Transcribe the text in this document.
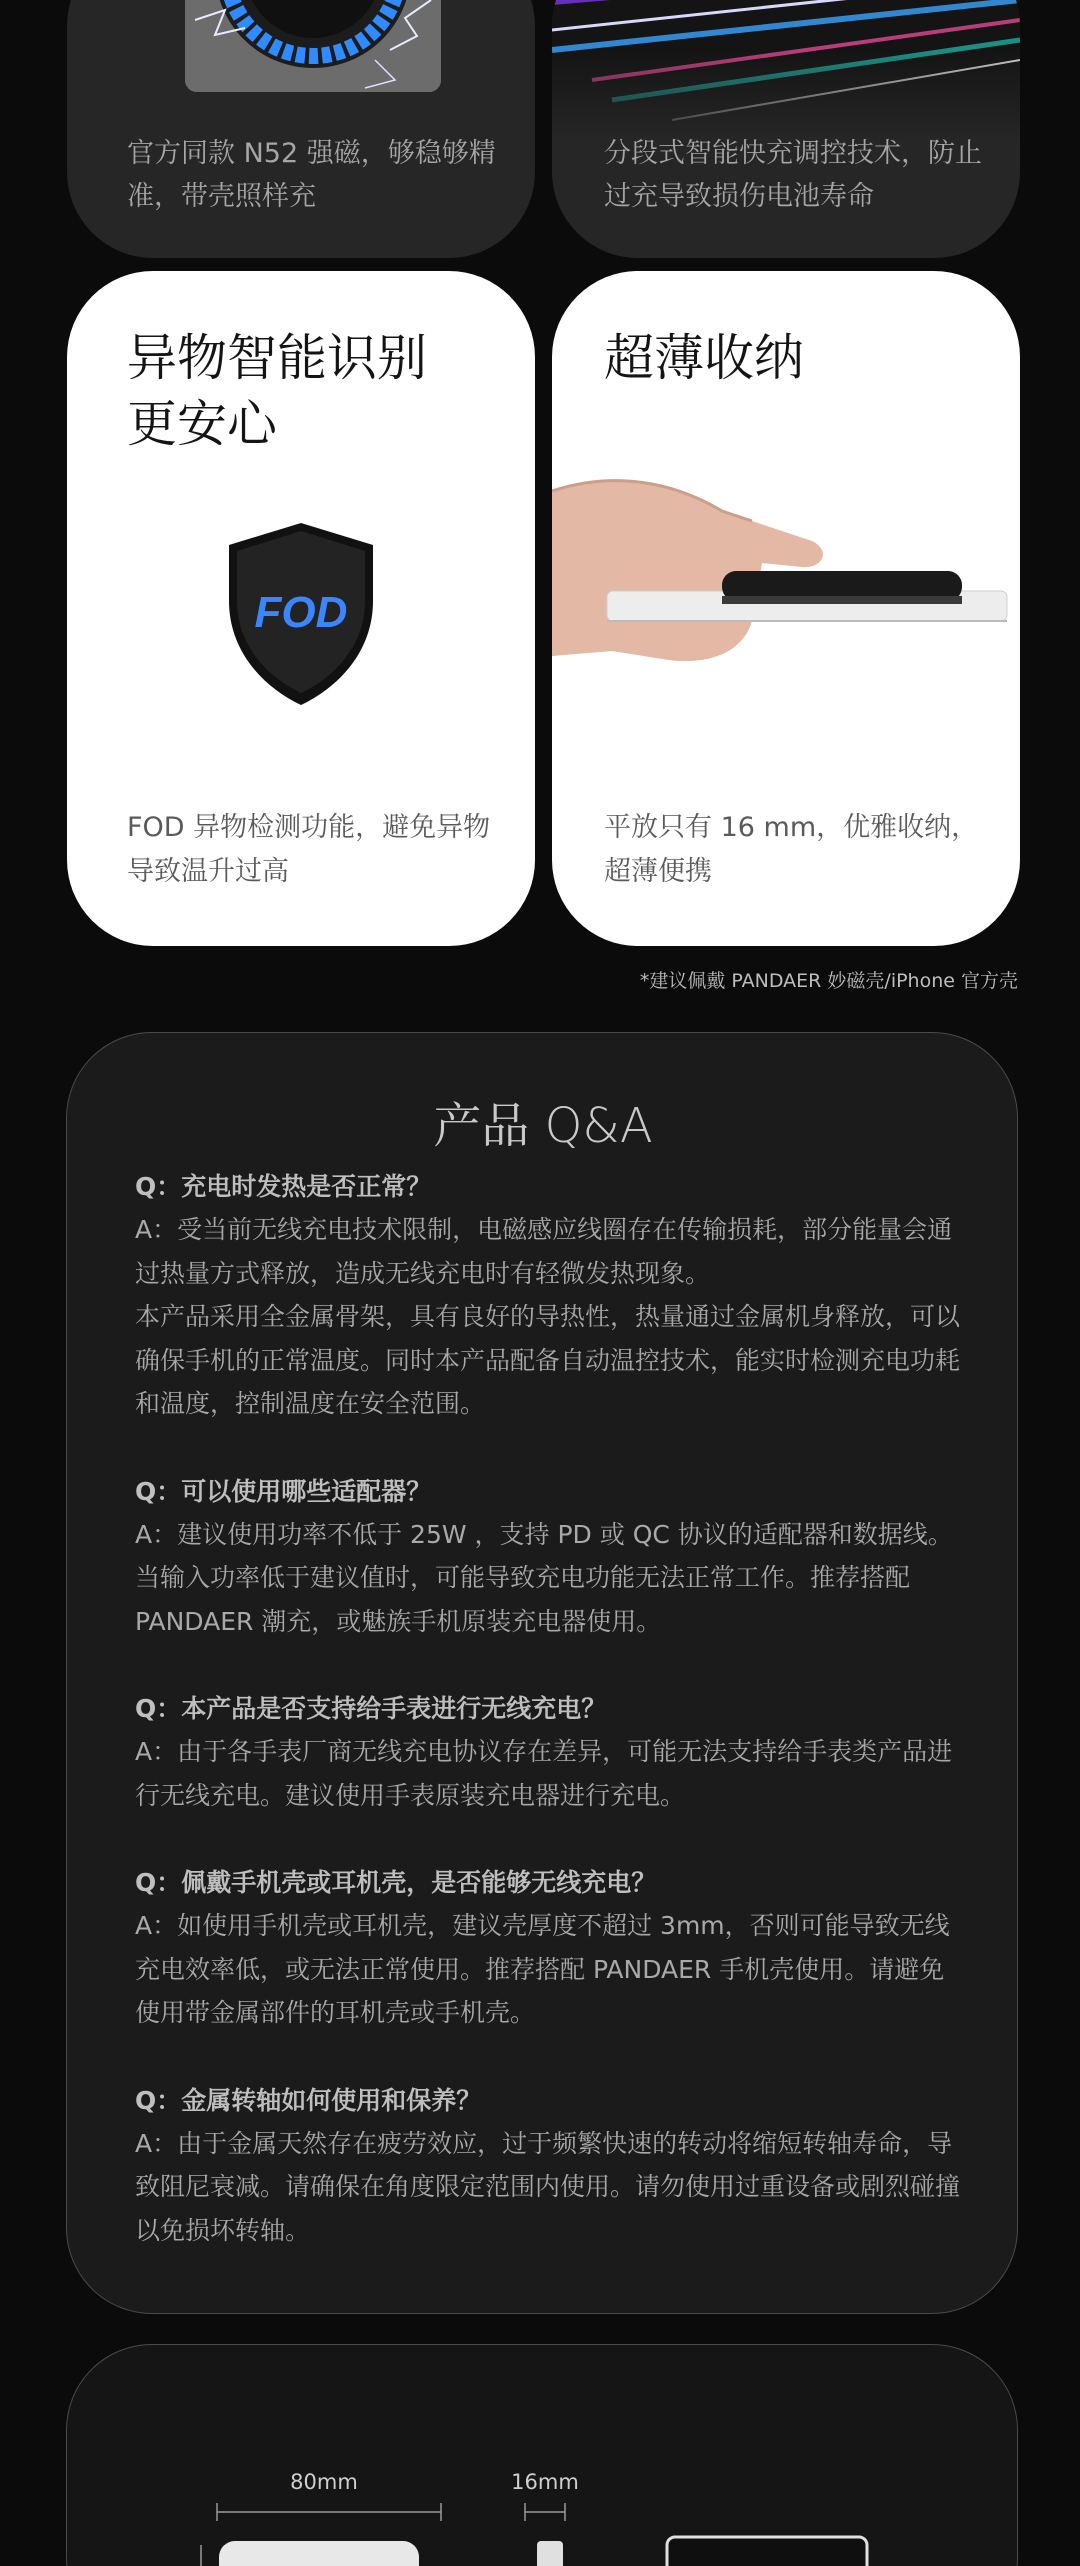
官方同款 N52 强磁，够稳够精准，带壳照样充
分段式智能快充调控技术，防止过充导致损伤电池寿命
异物智能识别
更安心
FOD
FOD 异物检测功能，避免异物导致温升过高
超薄收纳
平放只有 16 mm，优雅收纳，超薄便携
*建议佩戴 PANDAER 妙磁壳/iPhone 官方壳
产品 Q&A
Q：充电时发热是否正常？
A：受当前无线充电技术限制，电磁感应线圈存在传输损耗，部分能量会通过热量方式释放，造成无线充电时有轻微发热现象。
本产品采用全金属骨架，具有良好的导热性，热量通过金属机身释放，可以确保手机的正常温度。同时本产品配备自动温控技术，能实时检测充电功耗和温度，控制温度在安全范围。
Q：可以使用哪些适配器？
A：建议使用功率不低于 25W ，支持 PD 或 QC 协议的适配器和数据线。当输入功率低于建议值时，可能导致充电功能无法正常工作。推荐搭配 PANDAER 潮充，或魅族手机原装充电器使用。
Q：本产品是否支持给手表进行无线充电？
A：由于各手表厂商无线充电协议存在差异，可能无法支持给手表类产品进行无线充电。建议使用手表原装充电器进行充电。
Q：佩戴手机壳或耳机壳，是否能够无线充电？
A：如使用手机壳或耳机壳，建议壳厚度不超过 3mm，否则可能导致无线充电效率低，或无法正常使用。推荐搭配 PANDAER 手机壳使用。请避免使用带金属部件的耳机壳或手机壳。
Q：金属转轴如何使用和保养？
A：由于金属天然存在疲劳效应，过于频繁快速的转动将缩短转轴寿命，导致阻尼衰减。请确保在角度限定范围内使用。请勿使用过重设备或剧烈碰撞以免损坏转轴。
80mm	16mm
